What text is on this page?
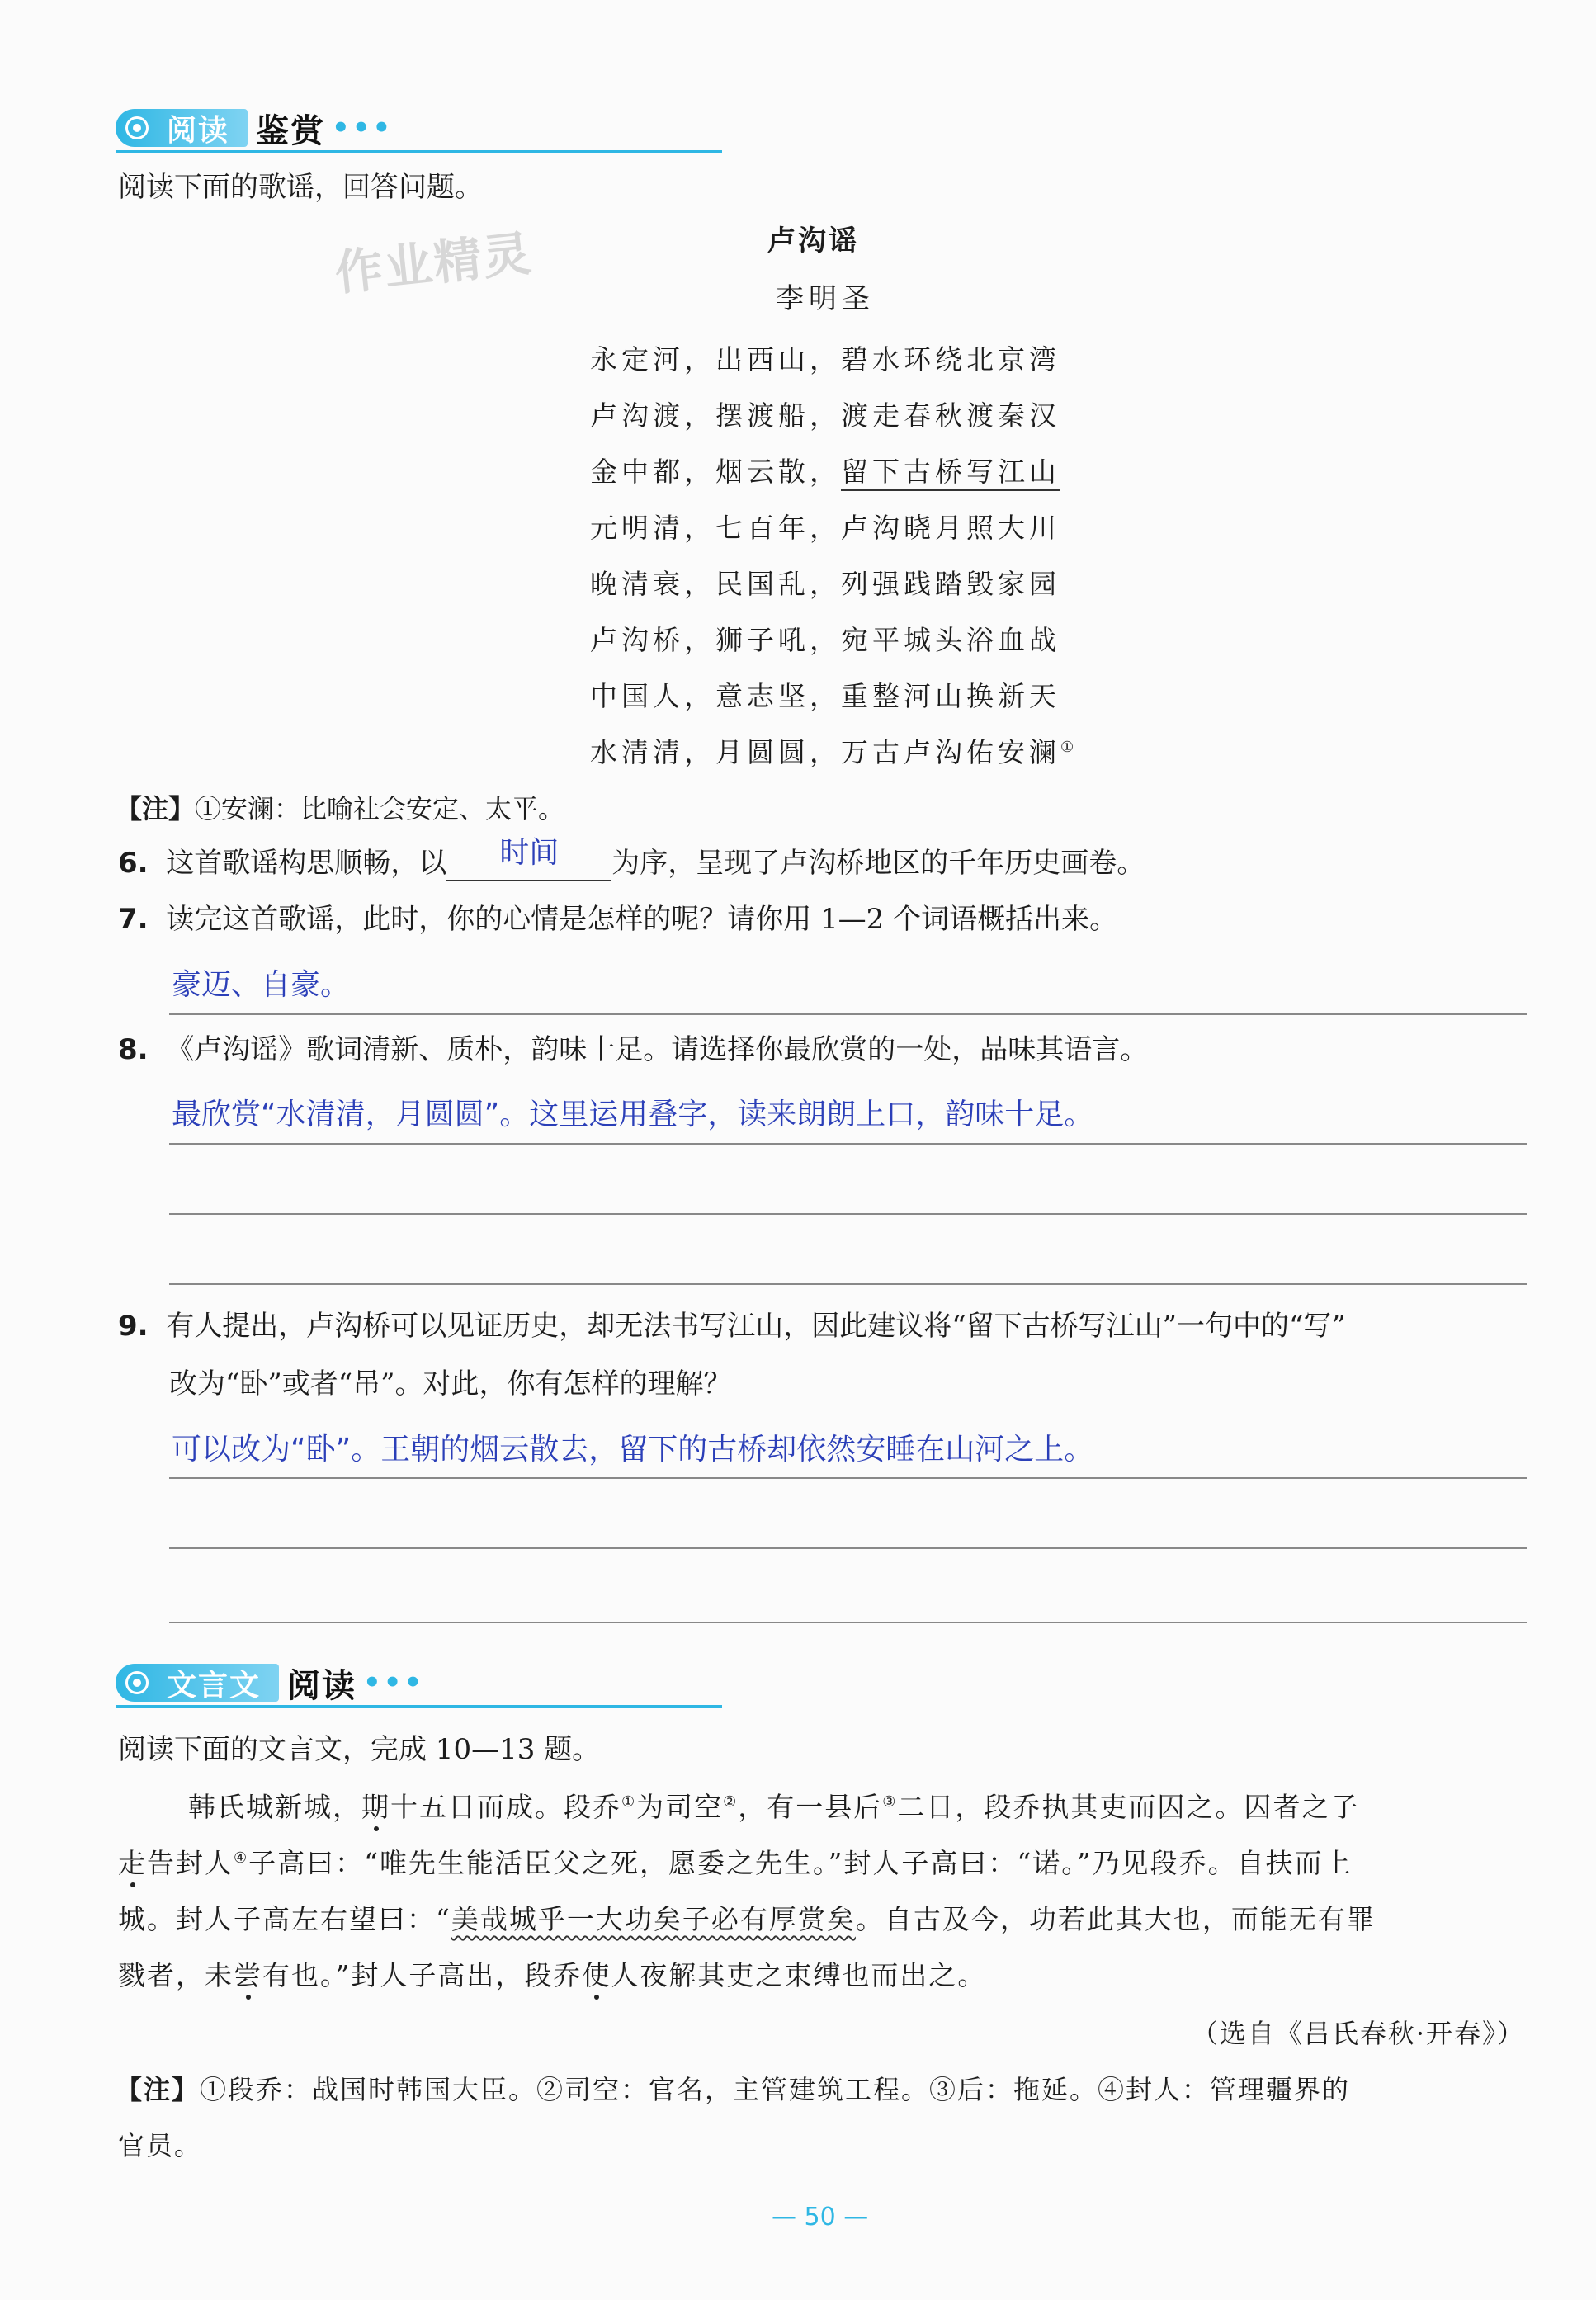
阅读 鉴赏 •••
阅读下面的歌谣，回答问题。
作业精灵	卢沟谣
李明圣
永定河，出西山，碧水环绕北京湾
卢沟渡，摆渡船，渡走春秋渡秦汉
金中都，烟云散，留下古桥写江山
元明清，七百年，卢沟晓月照大川
晚清衰，民国乱，列强践踏毁家园
卢沟桥，狮子吼，宛平城头浴血战
中国人，意志坚，重整河山换新天
水清清，月圆圆，万古卢沟佑安澜①
【注】①安澜：比喻社会安定、太平。
6. 这首歌谣构思顺畅，以	时间	为序，呈现了卢沟桥地区的千年历史画卷。
7. 读完这首歌谣，此时，你的心情是怎样的呢？请你用 1—2 个词语概括出来。
豪迈、自豪。
8. 《卢沟谣》歌词清新、质朴，韵味十足。请选择你最欣赏的一处，品味其语言。
最欣赏“水清清，月圆圆”。这里运用叠字，读来朗朗上口，韵味十足。
9. 有人提出，卢沟桥可以见证历史，却无法书写江山，因此建议将“留下古桥写江山”一句中的“写”
改为“卧”或者“吊”。对此，你有怎样的理解？
可以改为“卧”。王朝的烟云散去，留下的古桥却依然安睡在山河之上。
文言文 阅读 •••
阅读下面的文言文，完成 10—13 题。
韩氏城新城，期十五日而成。段乔①为司空②，有一县后③二日，段乔执其吏而囚之。囚者之子
走告封人④子高曰：“唯先生能活臣父之死，愿委之先生。”封人子高曰：“诺。”乃见段乔。自扶而上
城。封人子高左右望曰：“美哉城乎一大功矣子必有厚赏矣。自古及今，功若此其大也，而能无有罪
戮者，未尝有也。”封人子高出，段乔使人夜解其吏之束缚也而出之。
（选自《吕氏春秋·开春》）
【注】①段乔：战国时韩国大臣。②司空：官名，主管建筑工程。③后：拖延。④封人：管理疆界的
官员。
— 50 —
